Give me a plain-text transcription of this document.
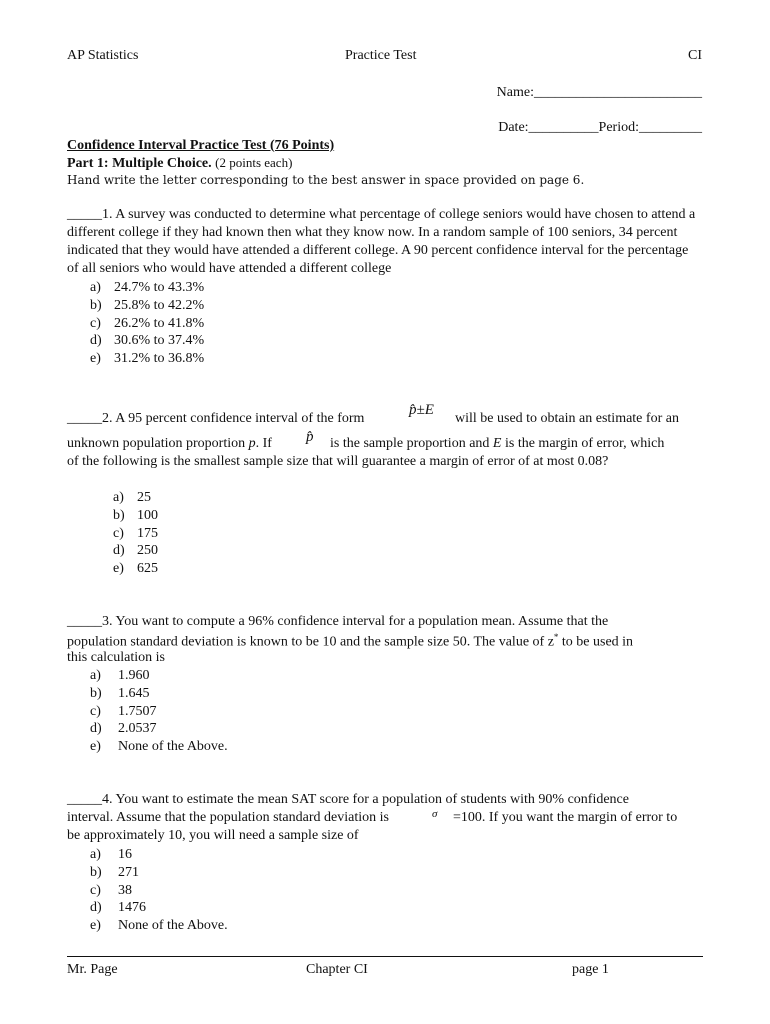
AP Statistics	Practice Test	CI
Name:________________________
Date:__________Period:_________
Confidence Interval Practice Test (76 Points)
Part 1: Multiple Choice. (2 points each)
Hand write the letter corresponding to the best answer in space provided on page 6.
_____1. A survey was conducted to determine what percentage of college seniors would have chosen to attend a different college if they had known then what they know now. In a random sample of 100 seniors, 34 percent indicated that they would have attended a different college. A 90 percent confidence interval for the percentage of all seniors who would have attended a different college
a) 24.7% to 43.3%
b) 25.8% to 42.2%
c) 26.2% to 41.8%
d) 30.6% to 37.4%
e) 31.2% to 36.8%
_____2. A 95 percent confidence interval of the form
p̂±E
will be used to obtain an estimate for an
unknown population proportion p. If p̂ is the sample proportion and E is the margin of error, which
of the following is the smallest sample size that will guarantee a margin of error of at most 0.08?
a) 25
b) 100
c) 175
d) 250
e) 625
_____3. You want to compute a 96% confidence interval for a population mean. Assume that the
population standard deviation is known to be 10 and the sample size 50. The value of z* to be used in
this calculation is
a) 1.960
b) 1.645
c) 1.7507
d) 2.0537
e) None of the Above.
_____4. You want to estimate the mean SAT score for a population of students with 90% confidence
interval. Assume that the population standard deviation is	σ =100. If you want the margin of error to
be approximately 10, you will need a sample size of
a) 16
b) 271
c) 38
d) 1476
e) None of the Above.
Mr. Page	Chapter CI	page 1
